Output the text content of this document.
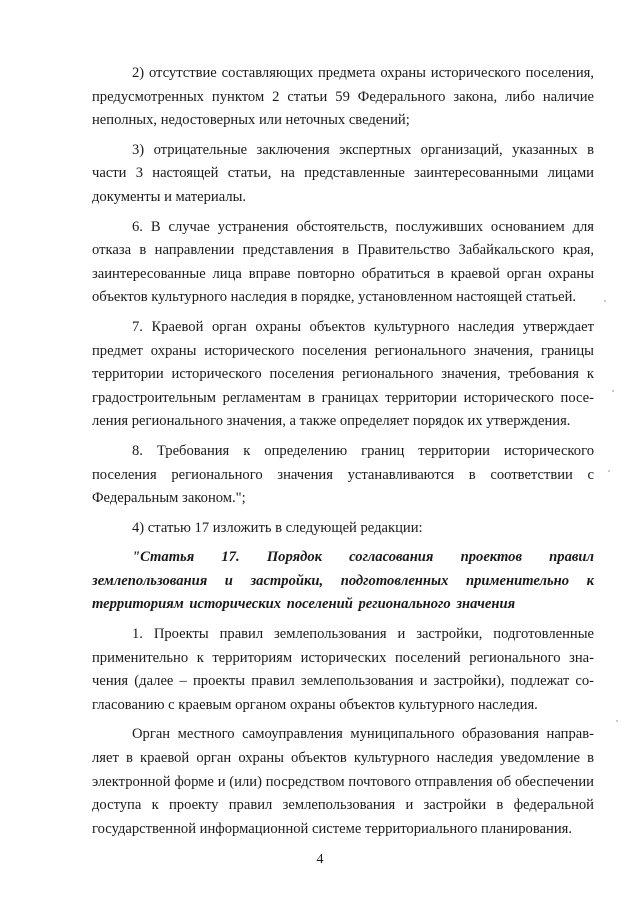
2) отсутствие составляющих предмета охраны исторического поселения, предусмотренных пунктом 2 статьи 59 Федерального закона, либо наличие неполных, недостоверных или неточных сведений;

3) отрицательные заключения экспертных организаций, указанных в части 3 настоящей статьи, на представленные заинтересованными лицами документы и материалы.

6. В случае устранения обстоятельств, послуживших основанием для отказа в направлении представления в Правительство Забайкальского края, заинтересованные лица вправе повторно обратиться в краевой орган охраны объектов культурного наследия в порядке, установленном настоящей статьей.

7. Краевой орган охраны объектов культурного наследия утверждает предмет охраны исторического поселения регионального значения, границы территории исторического поселения регионального значения, требования к градостроительным регламентам в границах территории исторического поселения регионального значения, а также определяет порядок их утверждения.

8. Требования к определению границ территории исторического поселения регионального значения устанавливаются в соответствии с Федеральным законом.";

4) статью 17 изложить в следующей редакции:

"Статья 17. Порядок согласования проектов правил землепользования и застройки, подготовленных применительно к территориям исторических поселений регионального значения

1. Проекты правил землепользования и застройки, подготовленные применительно к территориям исторических поселений регионального значения (далее – проекты правил землепользования и застройки), подлежат согласованию с краевым органом охраны объектов культурного наследия.

Орган местного самоуправления муниципального образования направляет в краевой орган охраны объектов культурного наследия уведомление в электронной форме и (или) посредством почтового отправления об обеспечении доступа к проекту правил землепользования и застройки в федеральной государственной информационной системе территориального планирования.

4
